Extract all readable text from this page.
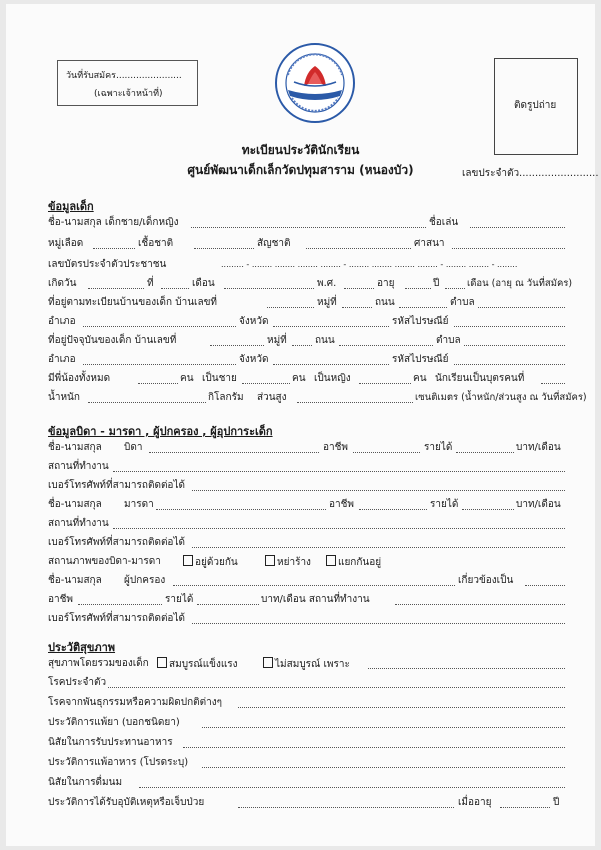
วันที่รับสมัคร.......................
(เฉพาะเจ้าหน้าที่)
ติดรูปถ่าย
ทะเบียนประวัตินักเรียน
ศูนย์พัฒนาเด็กเล็กวัดปทุมสาราม (หนองบัว)	เลขประจำตัว.........................
ข้อมูลเด็ก
ชื่อ-นามสกุล เด็กชาย/เด็กหญิง	ชื่อเล่น
หมู่เลือด	เชื้อชาติ	สัญชาติ	ศาสนา
เลขบัตรประจำตัวประชาชน	......... - ........ ........ ........ ........ - ........ ........ ........ ........ - ........ ........ - ........
เกิดวัน	ที่	เดือน	พ.ศ.	อายุ	ปี	เดือน (อายุ ณ วันที่สมัคร)
ที่อยู่ตามทะเบียนบ้านของเด็ก บ้านเลขที่	หมู่ที่	ถนน	ตำบล
อำเภอ	จังหวัด	รหัสไปรษณีย์
ที่อยู่ปัจจุบันของเด็ก บ้านเลขที่	หมู่ที่	ถนน	ตำบล
อำเภอ	จังหวัด	รหัสไปรษณีย์
มีพี่น้องทั้งหมด	คน เป็นชาย	คน เป็นหญิง	คน นักเรียนเป็นบุตรคนที่
น้ำหนัก	กิโลกรัม ส่วนสูง	เซนติเมตร (น้ำหนัก/ส่วนสูง ณ วันที่สมัคร)
ข้อมูลบิดา - มารดา , ผู้ปกครอง , ผู้อุปการะเด็ก
ชื่อ-นามสกุล บิดา	อาชีพ	รายได้	บาท/เดือน
สถานที่ทำงาน
เบอร์โทรศัพท์ที่สามารถติดต่อได้
ชื่อ-นามสกุล มารดา	อาชีพ	รายได้	บาท/เดือน
สถานที่ทำงาน
เบอร์โทรศัพท์ที่สามารถติดต่อได้
สถานภาพของบิดา-มารดา	อยู่ด้วยกัน	หย่าร้าง	แยกกันอยู่
ชื่อ-นามสกุล ผู้ปกครอง	เกี่ยวข้องเป็น
อาชีพ	รายได้	บาท/เดือน สถานที่ทำงาน
เบอร์โทรศัพท์ที่สามารถติดต่อได้
ประวัติสุขภาพ
สุขภาพโดยรวมของเด็ก	สมบูรณ์แข็งแรง	ไม่สมบูรณ์ เพราะ
โรคประจำตัว
โรคจากพันธุกรรมหรือความผิดปกติต่างๆ
ประวัติการแพ้ยา (บอกชนิดยา)
นิสัยในการรับประทานอาหาร
ประวัติการแพ้อาหาร (โปรดระบุ)
นิสัยในการดื่มนม
ประวัติการได้รับอุบัติเหตุหรือเจ็บป่วย	เมื่ออายุ	ปี
